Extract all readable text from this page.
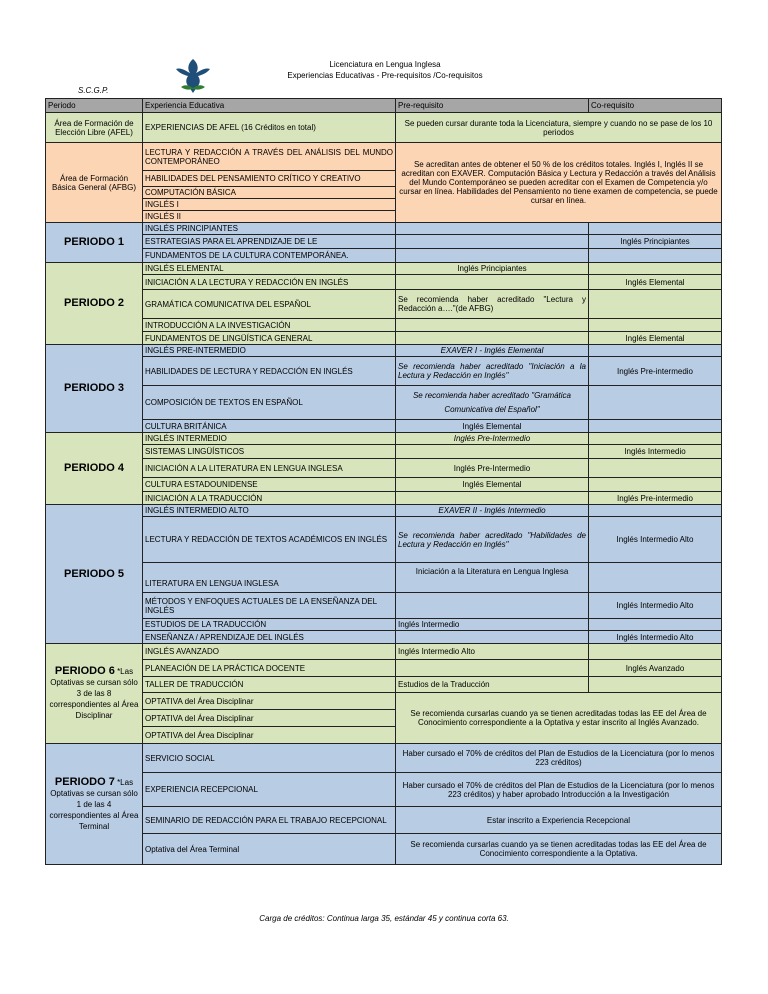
S.C.G.P.
Licenciatura en Lengua Inglesa
Experiencias Educativas - Pre-requisitos /Co-requisitos
Periodo	Experiencia Educativa	Pre-requisito	Co-requisito
Área de Formación de Elección Libre (AFEL)	EXPERIENCIAS DE AFEL (16 Créditos en total)	Se pueden cursar durante toda la Licenciatura, siempre y cuando no se pase de los 10 periodos	
Área de Formación Básica General (AFBG)	LECTURA Y REDACCIÓN A TRAVÉS DEL ANÁLISIS DEL MUNDO CONTEMPORÁNEO	Se acreditan antes de obtener el 50 % de los créditos totales. Inglés I, Inglés II se acreditan con EXAVER. Computación Básica y Lectura y Redacción a través del Análisis del Mundo Contemporáneo se pueden acreditar con el Examen de Competencia y/o cursar en línea. Habilidades del Pensamiento no tiene examen de competencia, se puede cursar en línea.	
	HABILIDADES DEL PENSAMIENTO CRÍTICO Y CREATIVO		
	COMPUTACIÓN BÁSICA		
	INGLÉS I		
	INGLÉS II		
PERIODO 1	INGLÉS PRINCIPIANTES		
	ESTRATEGIAS PARA EL APRENDIZAJE DE LE		Inglés Principiantes
	FUNDAMENTOS DE LA CULTURA CONTEMPORÁNEA.		
PERIODO 2	INGLÉS ELEMENTAL	Inglés Principiantes	
	INICIACIÓN A LA LECTURA Y REDACCIÓN EN INGLÉS		Inglés Elemental
	GRAMÁTICA COMUNICATIVA DEL ESPAÑOL	Se recomienda haber acreditado "Lectura y Redacción a…."(de AFBG)	
	INTRODUCCIÓN A LA INVESTIGACIÓN		
	FUNDAMENTOS DE LINGÜÍSTICA GENERAL		Inglés Elemental
PERIODO 3	INGLÉS PRE-INTERMEDIO	EXAVER I - Inglés Elemental	
	HABILIDADES DE LECTURA Y REDACCIÓN EN INGLÉS	Se recomienda haber acreditado "Iniciación a la Lectura y Redacción en Inglés"	Inglés Pre-intermedio
	COMPOSICIÓN DE TEXTOS EN ESPAÑOL	Se recomienda haber acreditado "Gramática Comunicativa del Español"	
	CULTURA BRITÁNICA	Inglés Elemental	
PERIODO 4	INGLÉS INTERMEDIO	Inglés Pre-Intermedio	
	SISTEMAS LINGÜÍSTICOS		Inglés Intermedio
	INICIACIÓN A LA LITERATURA EN LENGUA INGLESA	Inglés Pre-Intermedio	
	CULTURA ESTADOUNIDENSE	Inglés Elemental	
	INICIACIÓN A LA TRADUCCIÓN		Inglés Pre-intermedio
PERIODO 5	INGLÉS INTERMEDIO ALTO	EXAVER II - Inglés Intermedio	
	LECTURA Y REDACCIÓN DE TEXTOS ACADÉMICOS EN INGLÉS	Se recomienda haber acreditado "Habilidades de Lectura y Redacción en Inglés"	Inglés Intermedio Alto
	LITERATURA EN LENGUA INGLESA	Iniciación a la Literatura en Lengua Inglesa	
	MÉTODOS Y ENFOQUES ACTUALES DE LA ENSEÑANZA DEL INGLÉS		Inglés Intermedio Alto
	ESTUDIOS DE LA TRADUCCIÓN	Inglés Intermedio	
	ENSEÑANZA / APRENDIZAJE DEL INGLÉS		Inglés Intermedio Alto
PERIODO 6 *Las Optativas se cursan sólo 3 de las 8 correspondientes al Área Disciplinar	INGLÉS AVANZADO	Inglés Intermedio Alto	
	PLANEACIÓN DE LA PRÁCTICA DOCENTE		Inglés Avanzado
	TALLER DE TRADUCCIÓN	Estudios de la Traducción	
	OPTATIVA del Área Disciplinar	Se recomienda cursarlas cuando ya se tienen acreditadas todas las EE del Área de Conocimiento correspondiente a la Optativa y estar inscrito al Inglés Avanzado.	
	OPTATIVA del Área Disciplinar		
	OPTATIVA del Área Disciplinar		
PERIODO 7 *Las Optativas se cursan sólo 1 de las 4 correspondientes al Área Terminal	SERVICIO SOCIAL	Haber cursado el 70% de créditos del Plan de Estudios de la Licenciatura (por lo menos 223 créditos)	
	EXPERIENCIA RECEPCIONAL	Haber cursado el 70% de créditos del Plan de Estudios de la Licenciatura (por lo menos 223 créditos) y haber aprobado Introducción a la Investigación	
	SEMINARIO DE REDACCIÓN PARA EL TRABAJO RECEPCIONAL	Estar inscrito a Experiencia Recepcional	
	Optativa del Área Terminal	Se recomienda cursarlas cuando ya se tienen acreditadas todas las EE del Área de Conocimiento correspondiente a la Optativa.	
Carga de créditos: Continua larga 35, estándar 45 y continua corta 63.
